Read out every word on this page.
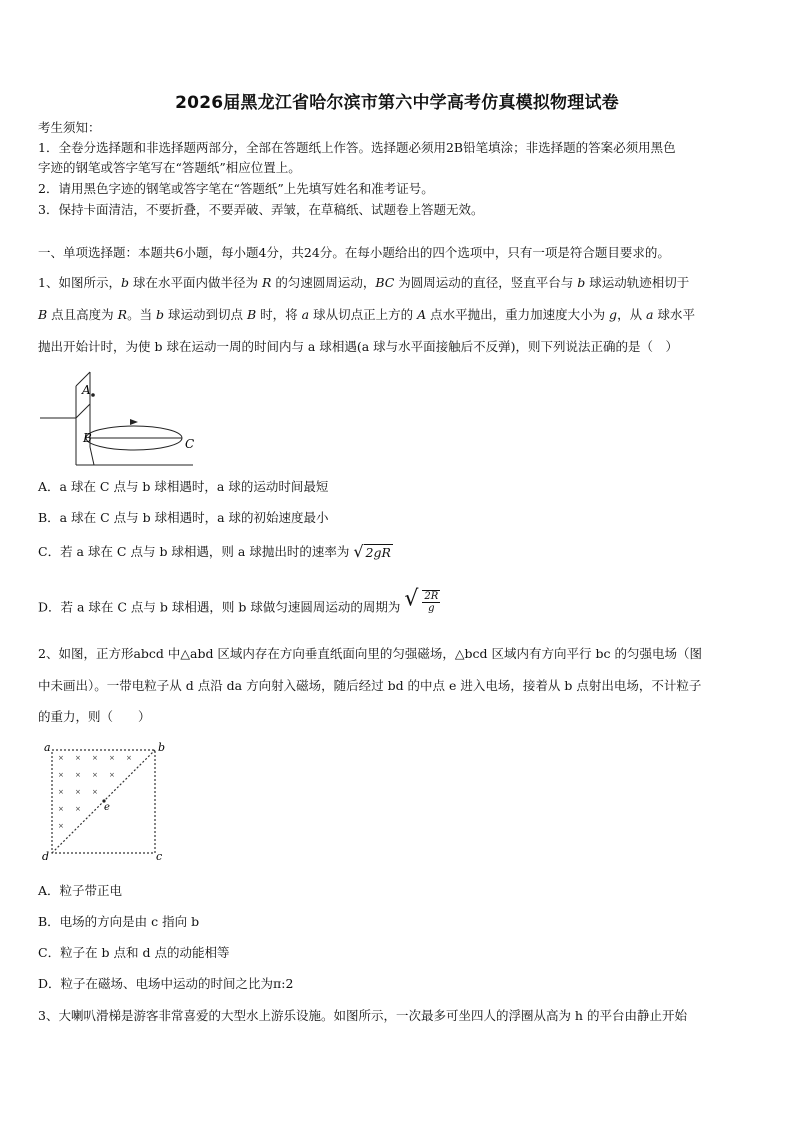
2026届黑龙江省哈尔滨市第六中学高考仿真模拟物理试卷
考生须知：
1．全卷分选择题和非选择题两部分，全部在答题纸上作答。选择题必须用2B铅笔填涂；非选择题的答案必须用黑色
字迹的钢笔或答字笔写在“答题纸”相应位置上。
2．请用黑色字迹的钢笔或答字笔在“答题纸”上先填写姓名和准考证号。
3．保持卡面清洁，不要折叠，不要弄破、弄皱，在草稿纸、试题卷上答题无效。
一、单项选择题：本题共6小题，每小题4分，共24分。在每小题给出的四个选项中，只有一项是符合题目要求的。
1、如图所示，b 球在水平面内做半径为 R 的匀速圆周运动，BC 为圆周运动的直径，竖直平台与 b 球运动轨迹相切于
B 点且高度为 R。当 b 球运动到切点 B 时，将 a 球从切点正上方的 A 点水平抛出，重力加速度大小为 g，从 a 球水平
抛出开始计时，为使 b 球在运动一周的时间内与 a 球相遇(a 球与水平面接触后不反弹)，则下列说法正确的是（　）
A
B	C
A．a 球在 C 点与 b 球相遇时，a 球的运动时间最短
B．a 球在 C 点与 b 球相遇时，a 球的初始速度最小
C．若 a 球在 C 点与 b 球相遇，则 a 球抛出时的速率为 √ 2gR
D．若 a 球在 C 点与 b 球相遇，则 b 球做匀速圆周运动的周期为 √ $\frac{2R}{g}$
2、如图，正方形abcd 中△abd 区域内存在方向垂直纸面向里的匀强磁场，△bcd 区域内有方向平行 bc 的匀强电场（图
中未画出）。一带电粒子从 d 点沿 da 方向射入磁场，随后经过 bd 的中点 e 进入电场，接着从 b 点射出电场，不计粒子
的重力，则（　　）
× × × × ×
× × × ×
× × ×
× ×
×
a	b
c
d
e
A．粒子带正电
B．电场的方向是由 c 指向 b
C．粒子在 b 点和 d 点的动能相等
D．粒子在磁场、电场中运动的时间之比为π:2
3、大喇叭滑梯是游客非常喜爱的大型水上游乐设施。如图所示，一次最多可坐四人的浮圈从高为 h 的平台由静止开始
